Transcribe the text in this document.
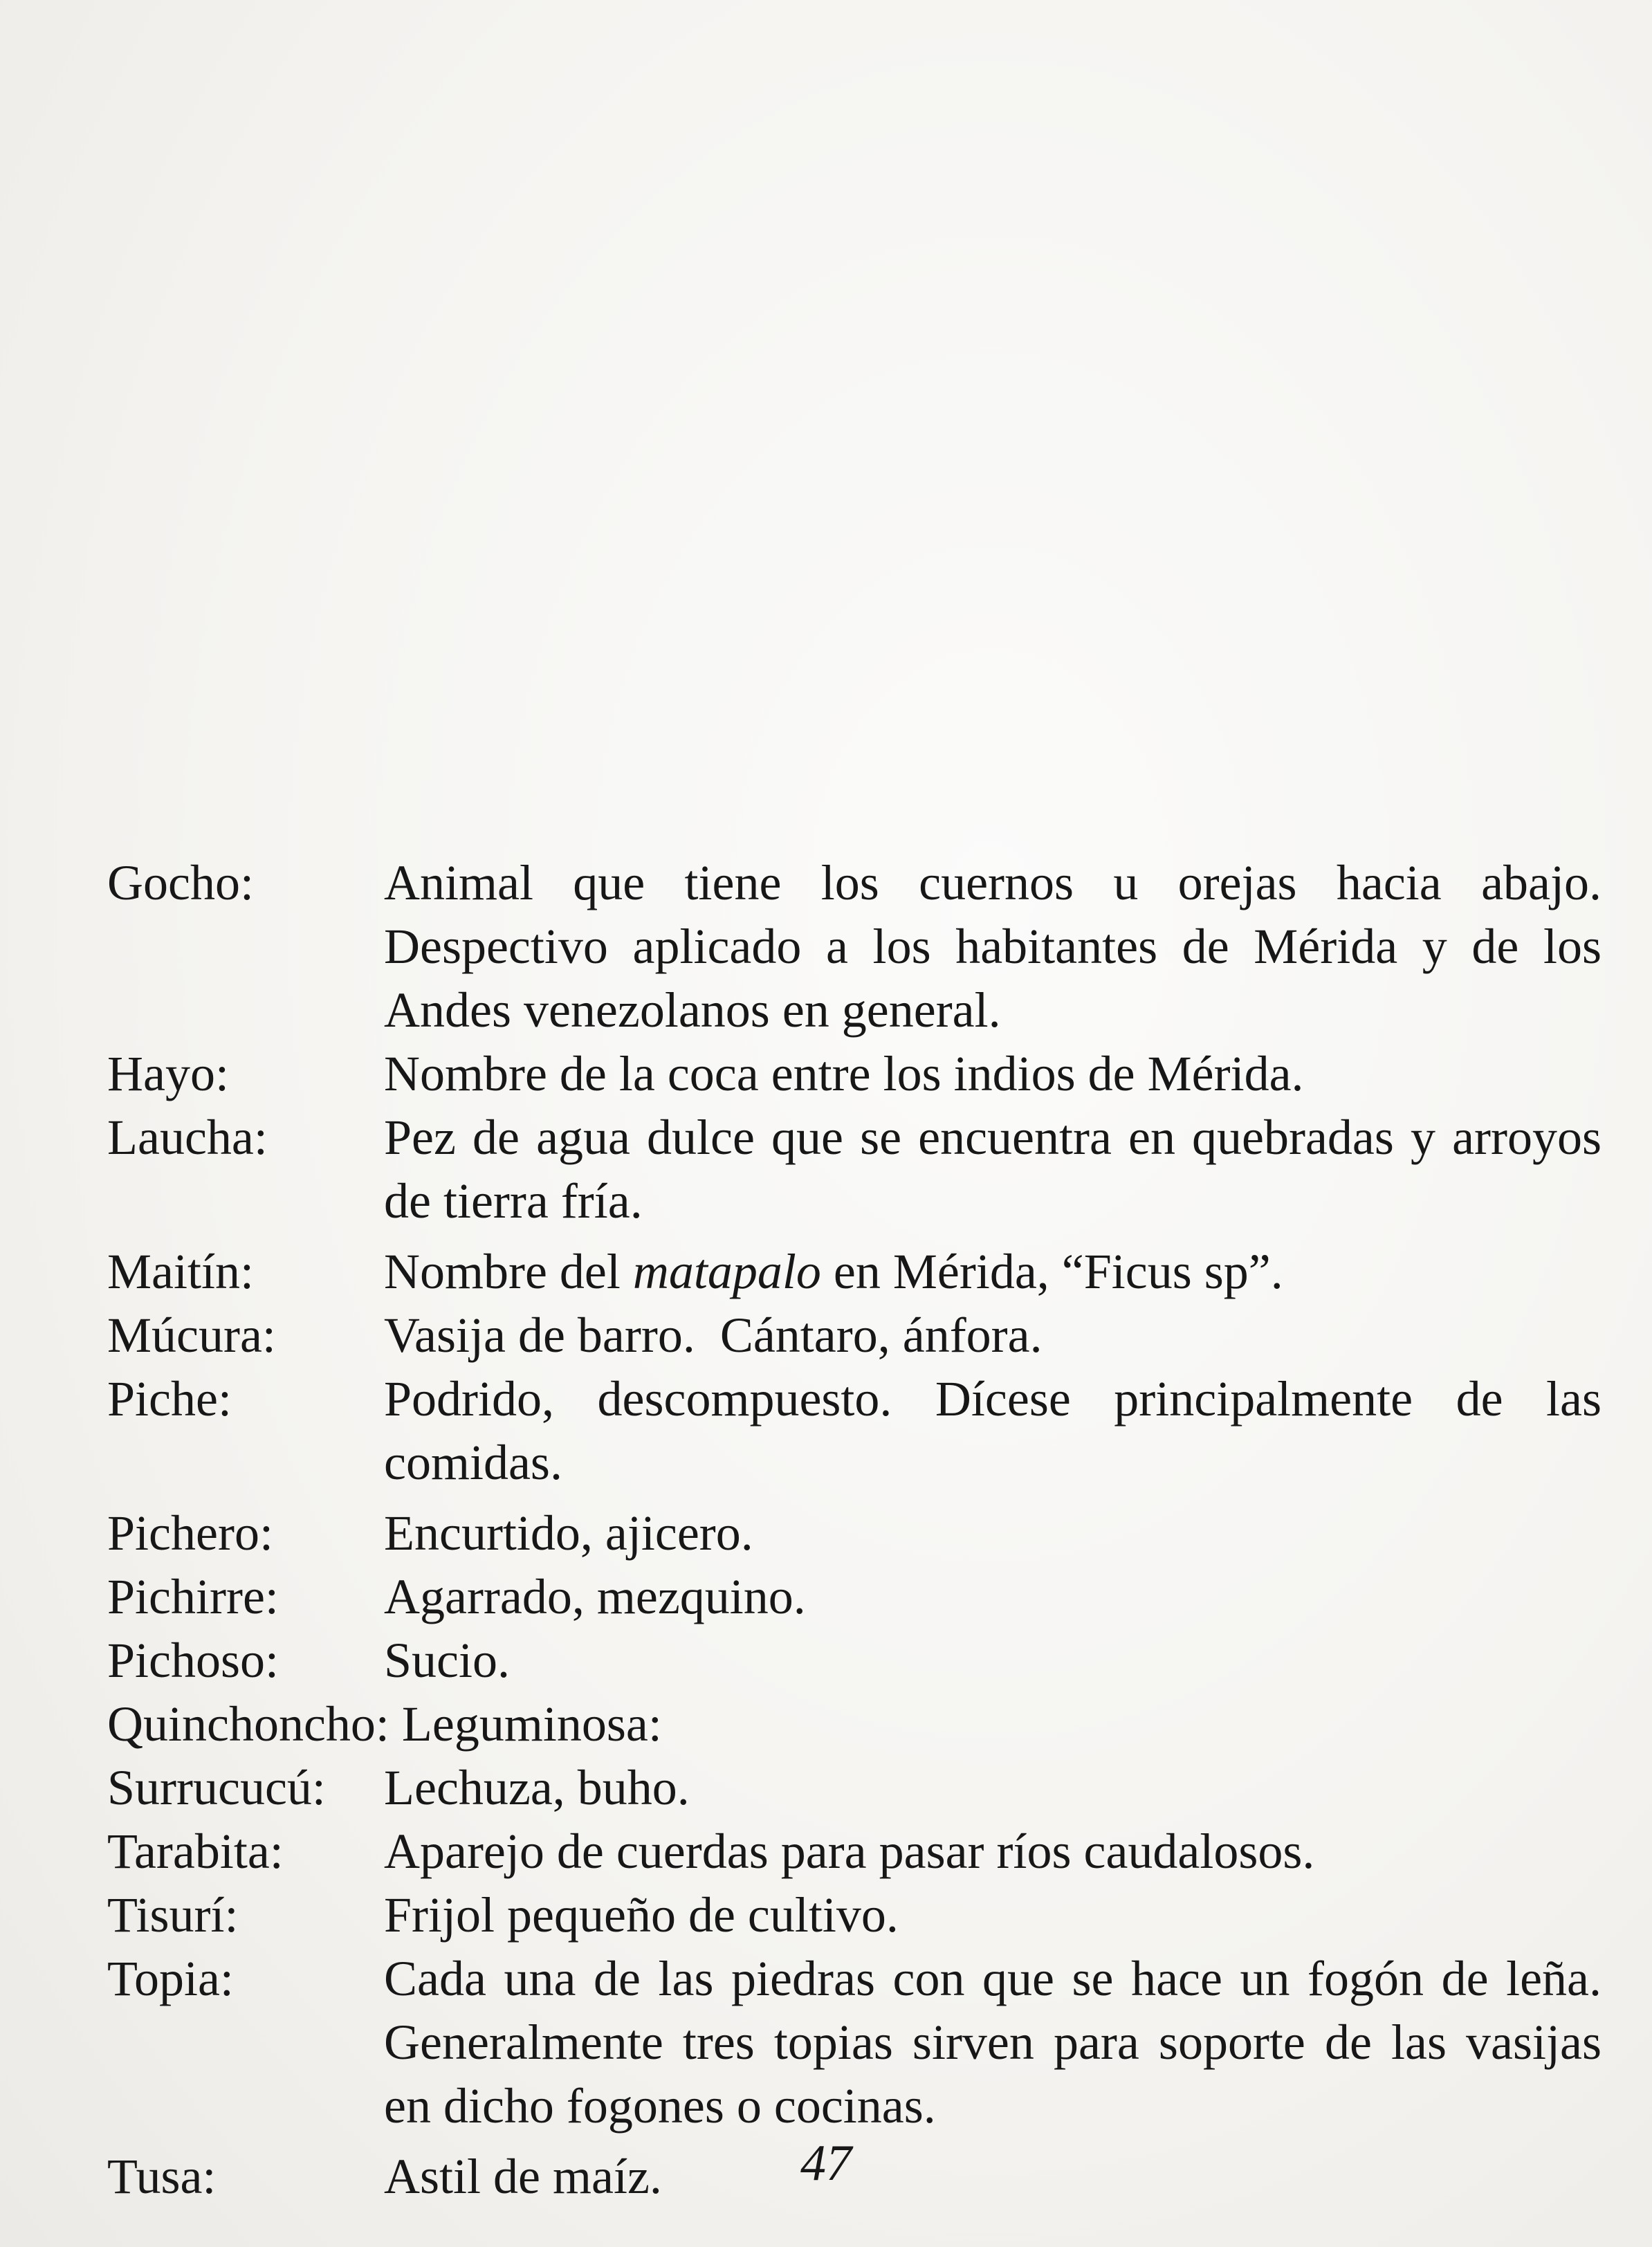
Gocho:	Animal que tiene los cuernos u orejas hacia abajo. Despectivo aplicado a los habitantes de Mérida y de los Andes venezolanos en general.
Hayo:	Nombre de la coca entre los indios de Mérida.
Laucha:	Pez de agua dulce que se encuentra en quebradas y arroyos de tierra fría.
Maitín:	Nombre del matapalo en Mérida, “Ficus sp”.
Múcura:	Vasija de barro.  Cántaro, ánfora.
Piche:	Podrido, descompuesto. Dícese principalmente de las comidas.
Pichero:	Encurtido, ajicero.
Pichirre:	Agarrado, mezquino.
Pichoso:	Sucio.
Quinchoncho: Leguminosa:
Surrucucú:	Lechuza, buho.
Tarabita:	Aparejo de cuerdas para pasar ríos caudalosos.
Tisurí:	Frijol pequeño de cultivo.
Topia:	Cada una de las piedras con que se hace un fogón de leña. Generalmente tres topias sirven para soporte de las vasijas en dicho fogones o cocinas.
Tusa:	Astil de maíz.	47
